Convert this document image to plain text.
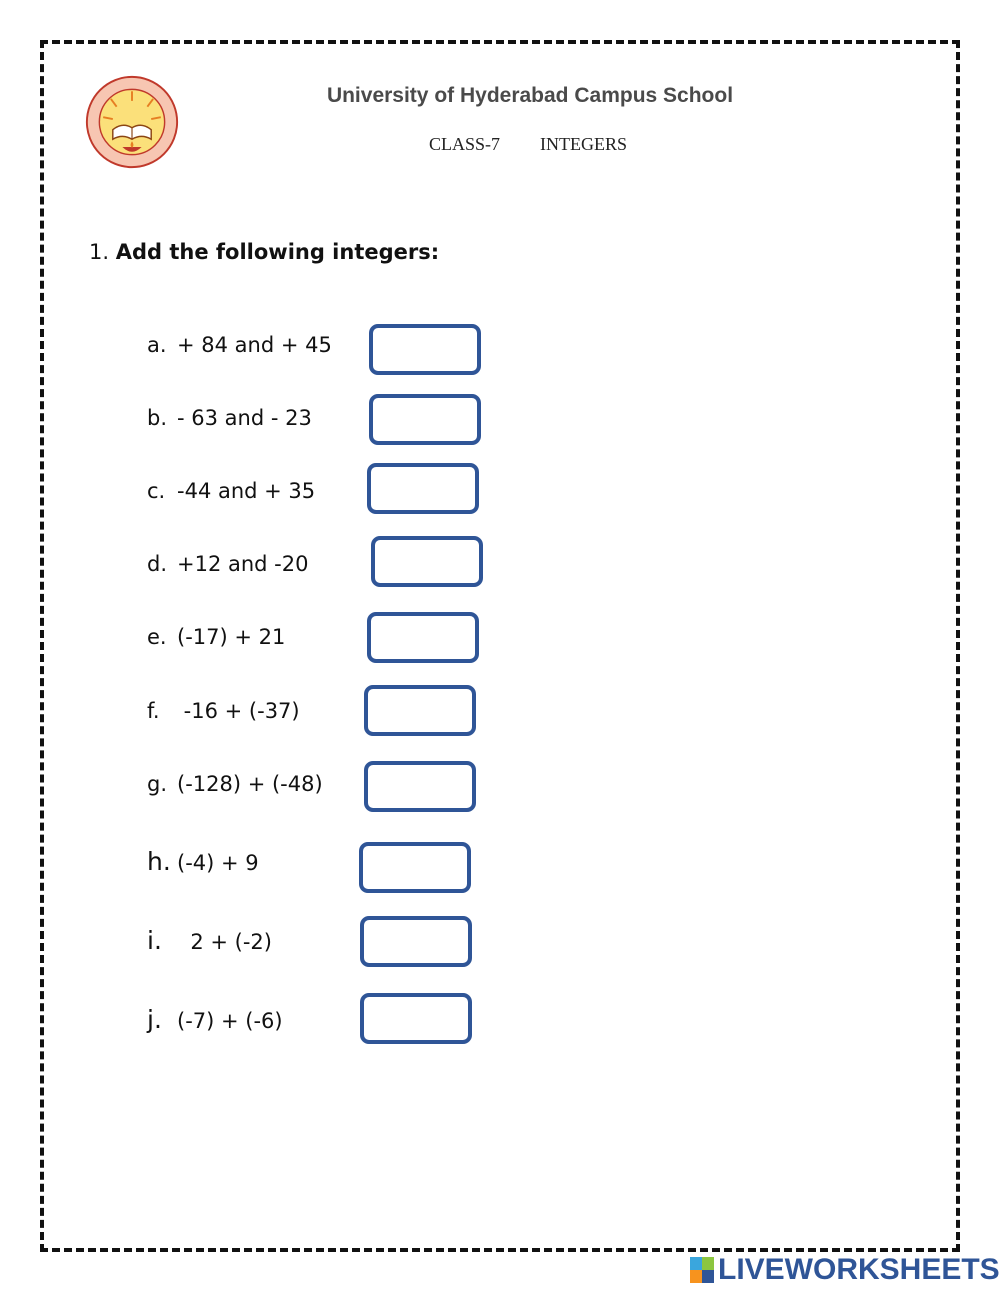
University of Hyderabad Campus School
CLASS-7 INTEGERS
1. Add the following integers:
a. + 84 and + 45
b. - 63 and - 23
c. -44 and + 35
d. +12 and -20
e. (-17) + 21
f. -16 + (-37)
g. (-128) + (-48)
h. (-4) + 9
i.  2 + (-2)
j. (-7) + (-6)
LIVEWORKSHEETS
